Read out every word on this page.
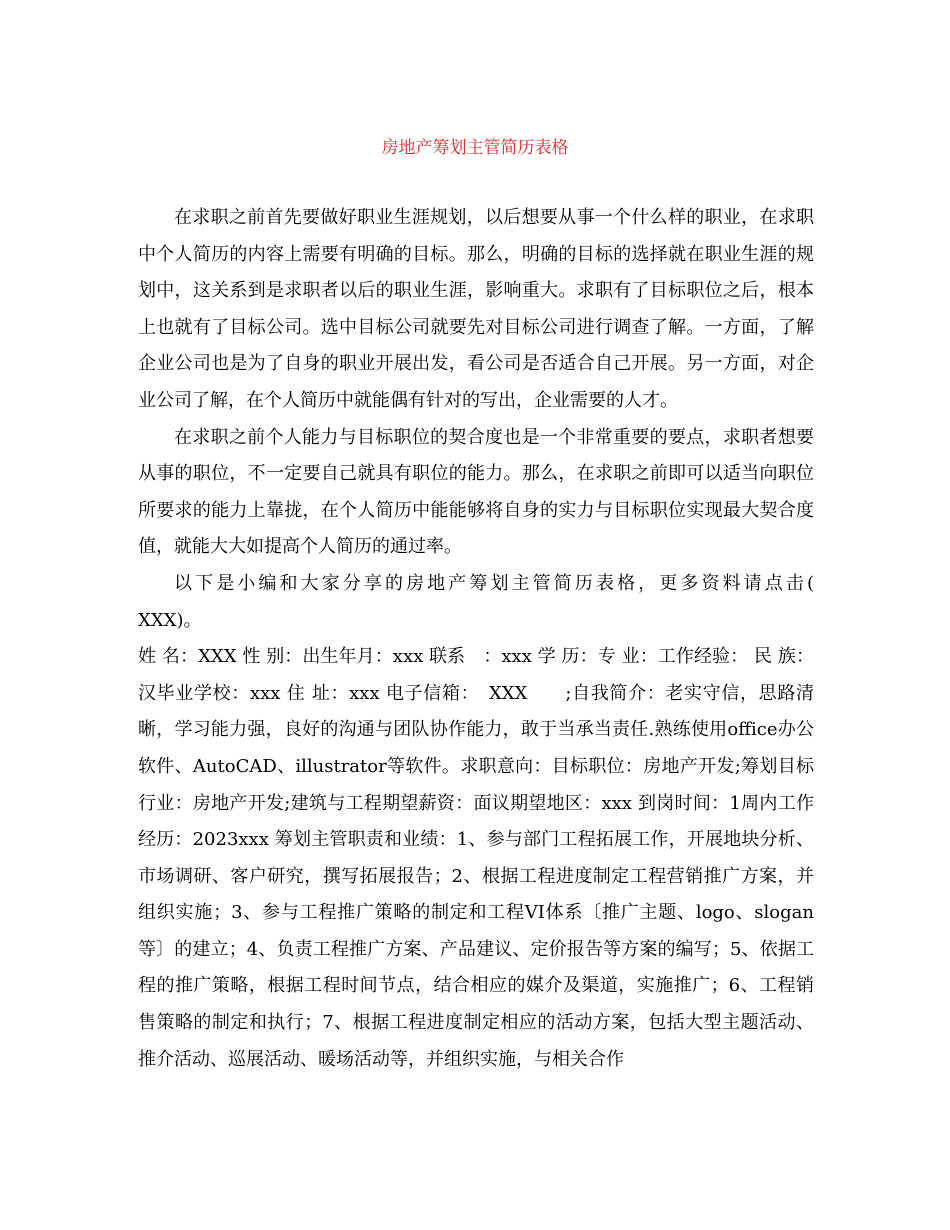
房地产筹划主管简历表格

在求职之前首先要做好职业生涯规划，以后想要从事一个什么样的职业，在求职中个人简历的内容上需要有明确的目标。那么，明确的目标的选择就在职业生涯的规划中，这关系到是求职者以后的职业生涯，影响重大。求职有了目标职位之后，根本上也就有了目标公司。选中目标公司就要先对目标公司进行调查了解。一方面，了解企业公司也是为了自身的职业开展出发，看公司是否适合自己开展。另一方面，对企业公司了解，在个人简历中就能偶有针对的写出，企业需要的人才。

在求职之前个人能力与目标职位的契合度也是一个非常重要的要点，求职者想要从事的职位，不一定要自己就具有职位的能力。那么，在求职之前即可以适当向职位所要求的能力上靠拢，在个人简历中能能够将自身的实力与目标职位实现最大契合度值，就能大大如提高个人简历的通过率。

以下是小编和大家分享的房地产筹划主管简历表格，更多资料请点击(　　XXX)。

姓 名：XXX 性 别：出生年月：xxx 联系　：xxx 学 历：专 业：工作经验： 民 族：汉毕业学校：xxx 住 址：xxx 电子信箱：　XXX　　;自我简介：老实守信，思路清晰，学习能力强，良好的沟通与团队协作能力，敢于当承当责任.熟练使用office办公软件、AutoCAD、illustrator等软件。求职意向：目标职位：房地产开发;筹划目标行业：房地产开发;建筑与工程期望薪资：面议期望地区：xxx 到岗时间：1周内工作经历：2023xxx 筹划主管职责和业绩：1、参与部门工程拓展工作，开展地块分析、市场调研、客户研究，撰写拓展报告；2、根据工程进度制定工程营销推广方案，并组织实施；3、参与工程推广策略的制定和工程VI体系〔推广主题、logo、slogan等〕的建立；4、负责工程推广方案、产品建议、定价报告等方案的编写；5、依据工程的推广策略，根据工程时间节点，结合相应的媒介及渠道，实施推广；6、工程销售策略的制定和执行；7、根据工程进度制定相应的活动方案，包括大型主题活动、推介活动、巡展活动、暖场活动等，并组织实施，与相关合作
